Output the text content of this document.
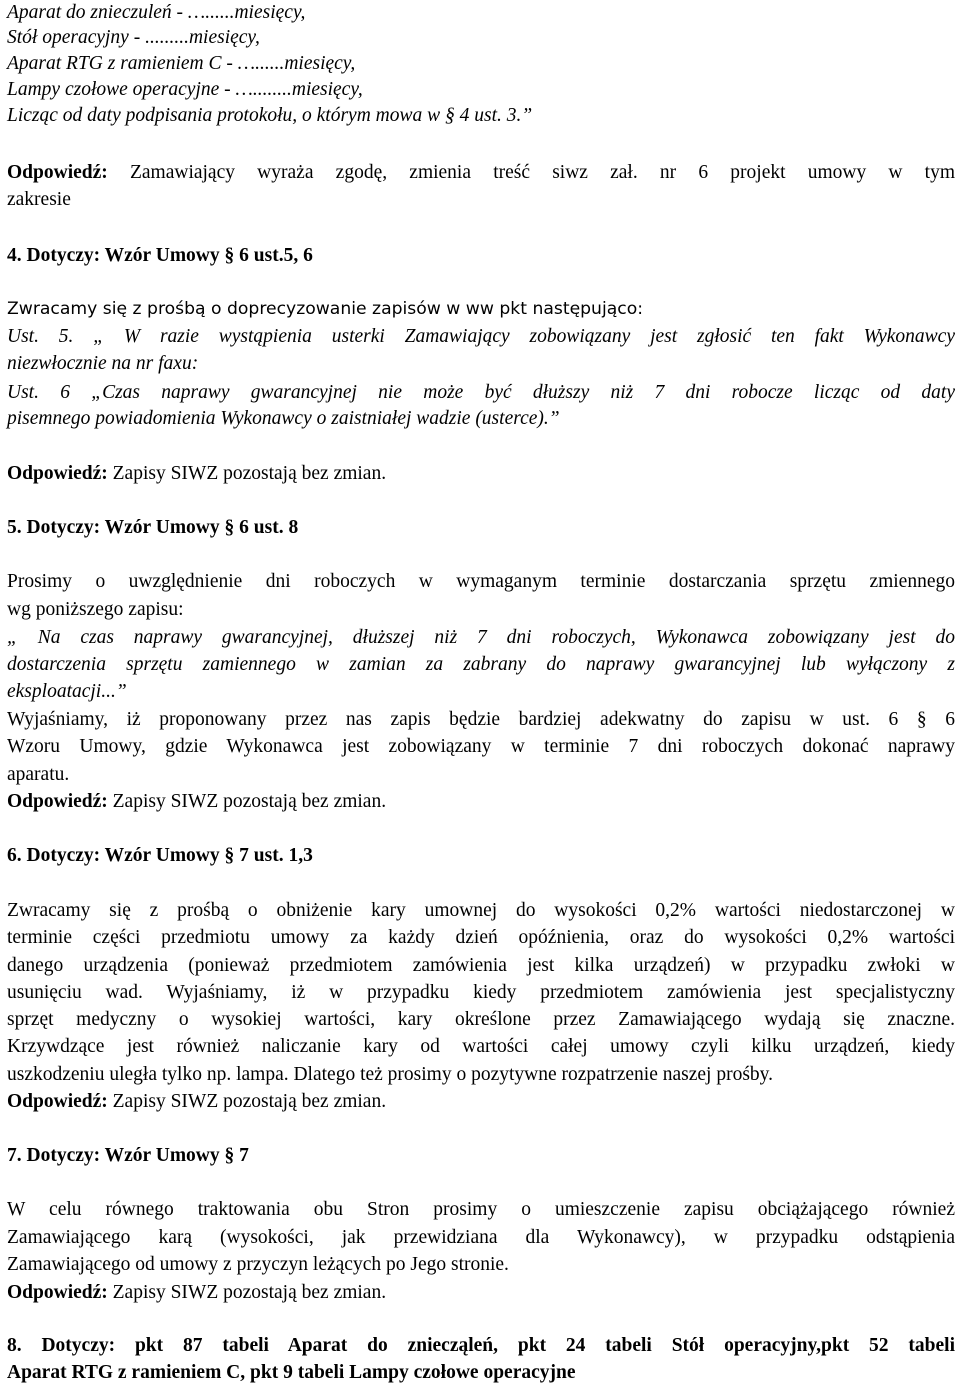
Aparat do znieczuleń - …......miesięcy,
Stół operacyjny - .........miesięcy,
Aparat RTG z ramieniem C - …......miesięcy,
Lampy czołowe operacyjne - …........miesięcy,
Licząc od daty podpisania protokołu, o którym mowa w § 4 ust. 3.”
Odpowiedź: Zamawiający wyraża zgodę, zmienia treść siwz zał. nr 6 projekt umowy w tym
zakresie
4. Dotyczy: Wzór Umowy § 6 ust.5, 6
Zwracamy się z prośbą o doprecyzowanie zapisów w ww pkt następująco:
Ust. 5. „ W razie wystąpienia usterki Zamawiający zobowiązany jest zgłosić ten fakt Wykonawcy
niezwłocznie na nr faxu:
Ust. 6 „Czas naprawy gwarancyjnej nie może być dłuższy niż 7 dni robocze licząc od daty
pisemnego powiadomienia Wykonawcy o zaistniałej wadzie (usterce).”
Odpowiedź: Zapisy SIWZ pozostają bez zmian.
5. Dotyczy: Wzór Umowy § 6 ust. 8
Prosimy o uwzględnienie dni roboczych w wymaganym terminie dostarczania sprzętu zmiennego
wg poniższego zapisu:
„ Na czas naprawy gwarancyjnej, dłuższej niż 7 dni roboczych, Wykonawca zobowiązany jest do
dostarczenia sprzętu zamiennego w zamian za zabrany do naprawy gwarancyjnej lub wyłączony z
eksploatacji...”
Wyjaśniamy, iż proponowany przez nas zapis będzie bardziej adekwatny do zapisu w ust. 6 § 6
Wzoru Umowy, gdzie Wykonawca jest zobowiązany w terminie 7 dni roboczych dokonać naprawy
aparatu.
Odpowiedź: Zapisy SIWZ pozostają bez zmian.
6. Dotyczy: Wzór Umowy § 7 ust. 1,3
Zwracamy się z prośbą o obniżenie kary umownej do wysokości 0,2% wartości niedostarczonej w
terminie części przedmiotu umowy za każdy dzień opóźnienia, oraz do wysokości 0,2% wartości
danego urządzenia (ponieważ przedmiotem zamówienia jest kilka urządzeń) w przypadku zwłoki w
usunięciu wad. Wyjaśniamy, iż w przypadku kiedy przedmiotem zamówienia jest specjalistyczny
sprzęt medyczny o wysokiej wartości, kary określone przez Zamawiającego wydają się znaczne.
Krzywdzące jest również naliczanie kary od wartości całej umowy czyli kilku urządzeń, kiedy
uszkodzeniu uległa tylko np. lampa. Dlatego też prosimy o pozytywne rozpatrzenie naszej prośby.
Odpowiedź: Zapisy SIWZ pozostają bez zmian.
7. Dotyczy: Wzór Umowy § 7
W celu równego traktowania obu Stron prosimy o umieszczenie zapisu obciążającego również
Zamawiającego karą (wysokości, jak przewidziana dla Wykonawcy), w przypadku odstąpienia
Zamawiającego od umowy z przyczyn leżących po Jego stronie.
Odpowiedź: Zapisy SIWZ pozostają bez zmian.
8. Dotyczy: pkt 87 tabeli Aparat do zniecząleń, pkt 24 tabeli Stół operacyjny,pkt 52 tabeli
Aparat RTG z ramieniem C, pkt 9 tabeli Lampy czołowe operacyjne
